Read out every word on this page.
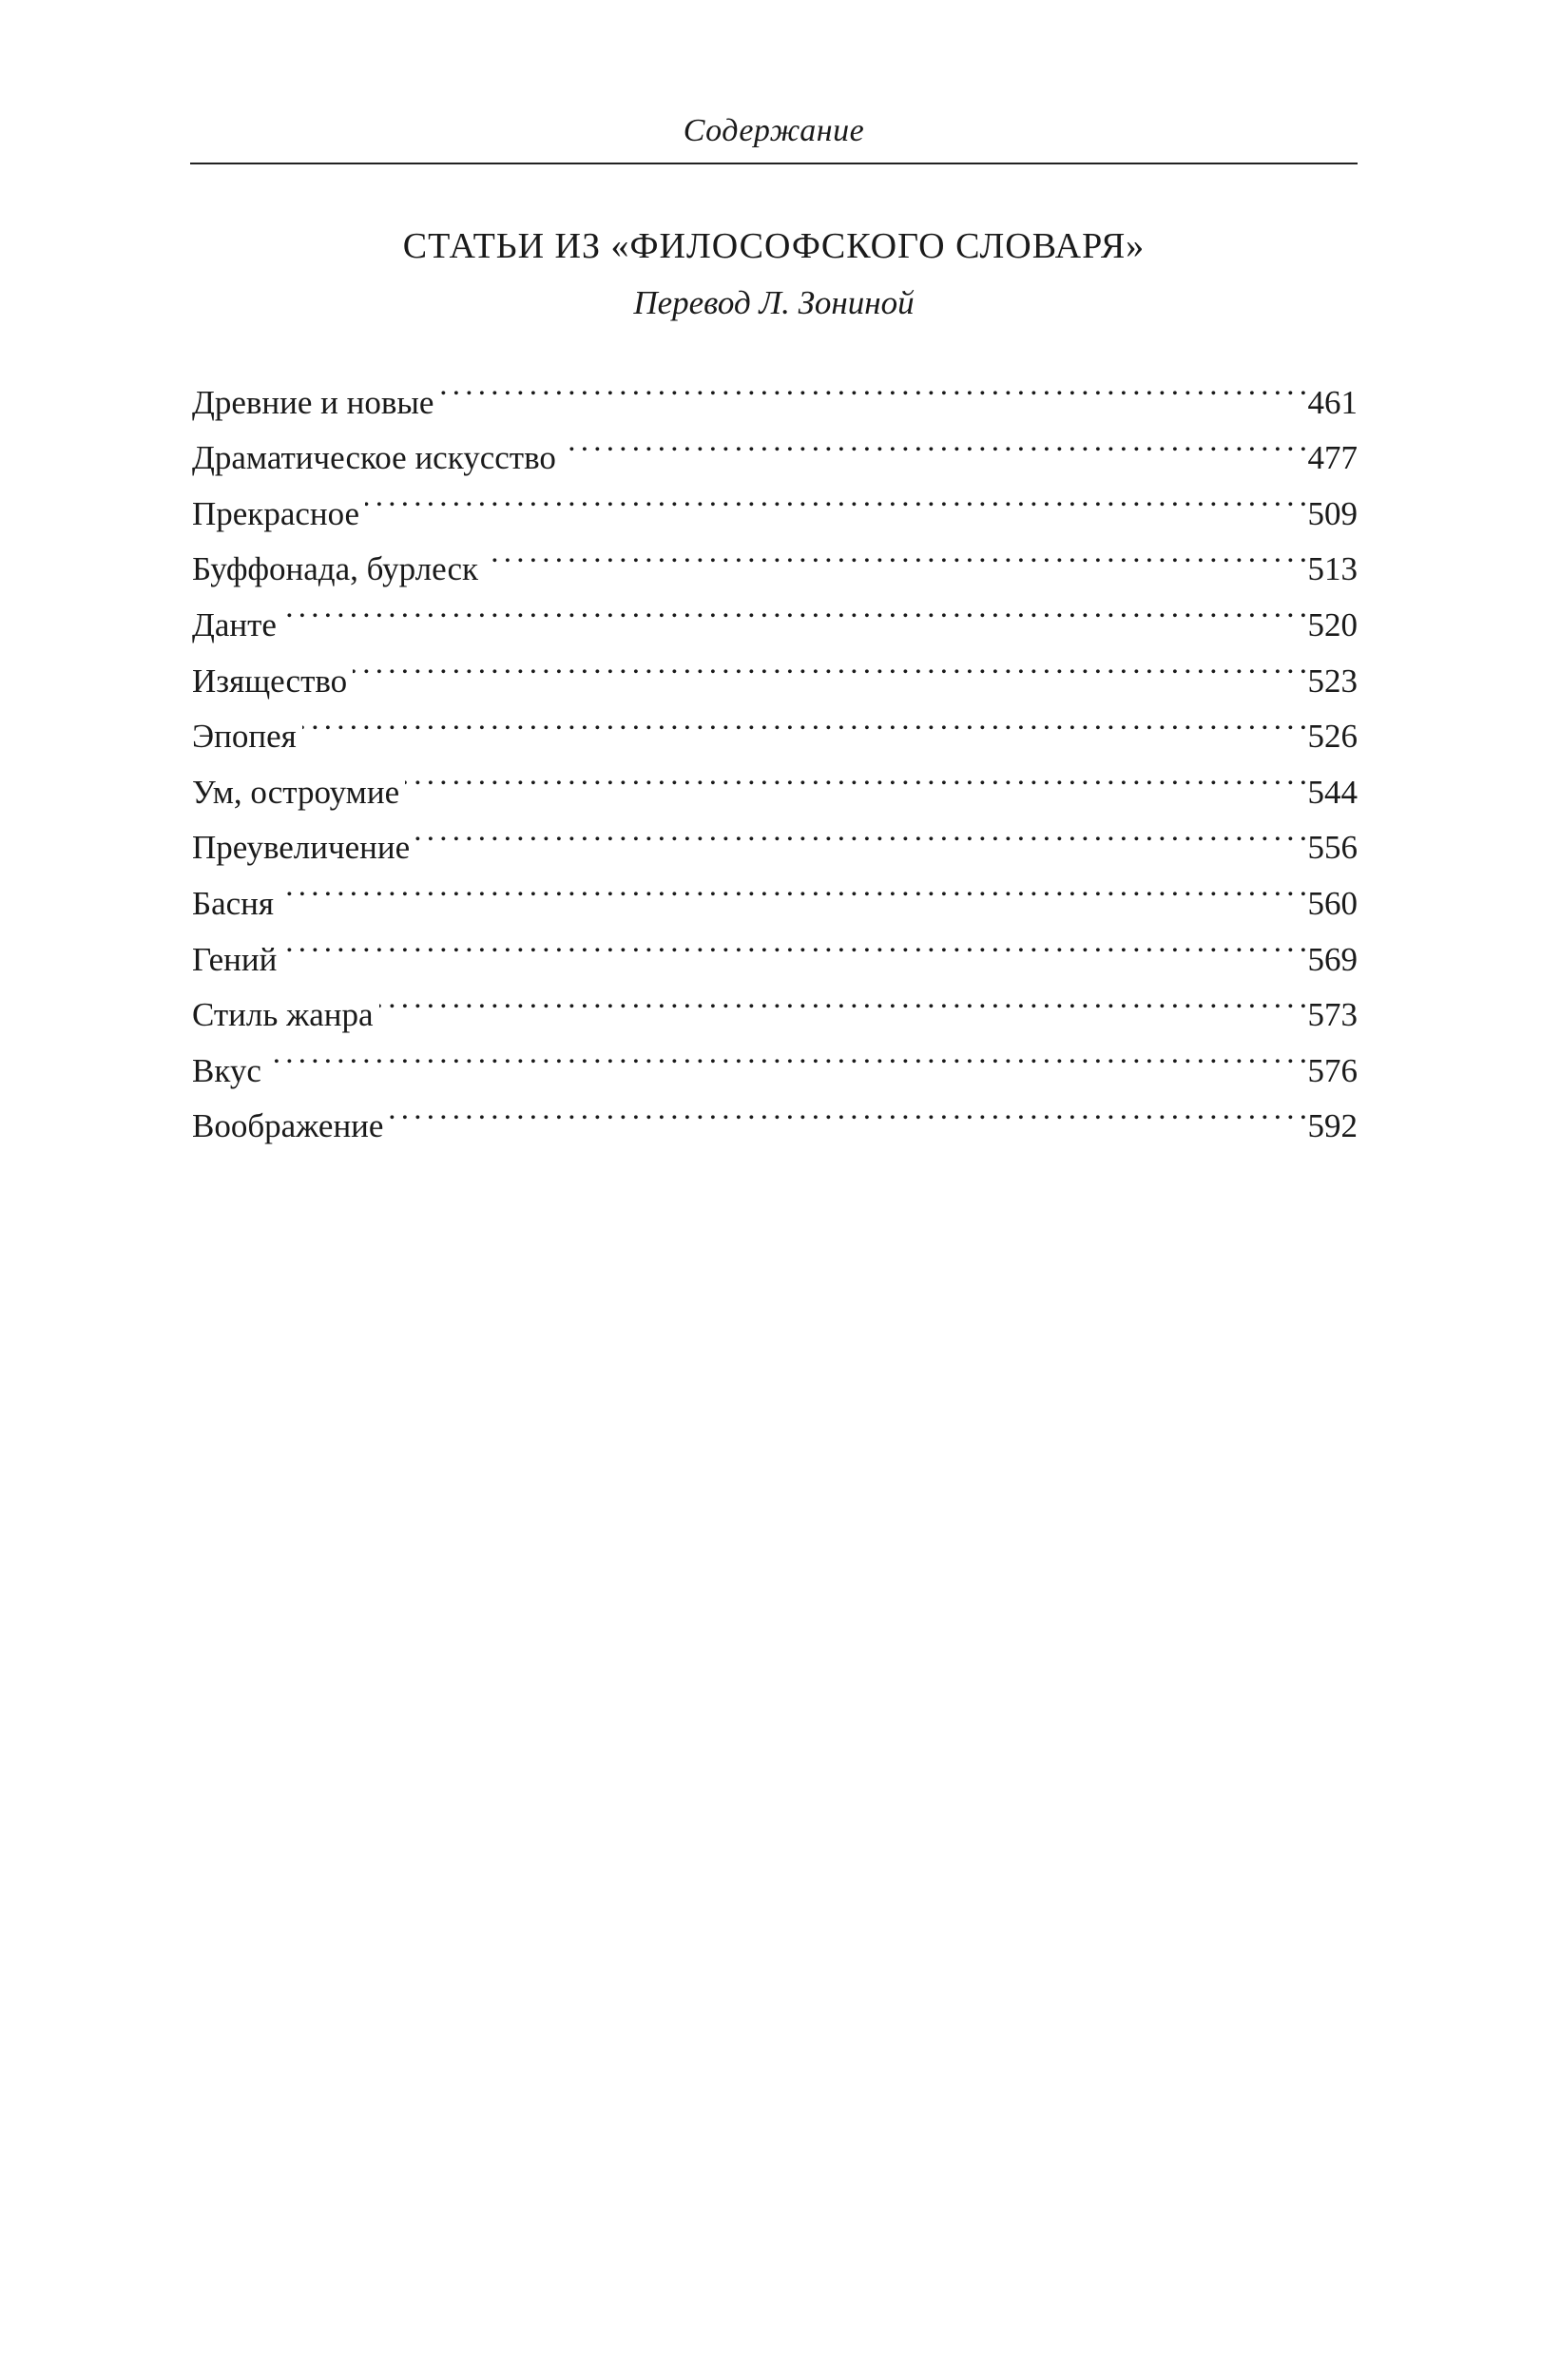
Содержание
СТАТЬИ ИЗ «ФИЛОСОФСКОГО СЛОВАРЯ»
Перевод Л. Зониной
Древние и новые . . .	461
Драматическое искусство . . .	477
Прекрасное . . .	509
Буффонада, бурлеск . . .	513
Данте . . .	520
Изящество . . .	523
Эпопея . . .	526
Ум, остроумие . . .	544
Преувеличение . . .	556
Басня . . .	560
Гений . . .	569
Стиль жанра . . .	573
Вкус . . .	576
Воображение . . .	592
